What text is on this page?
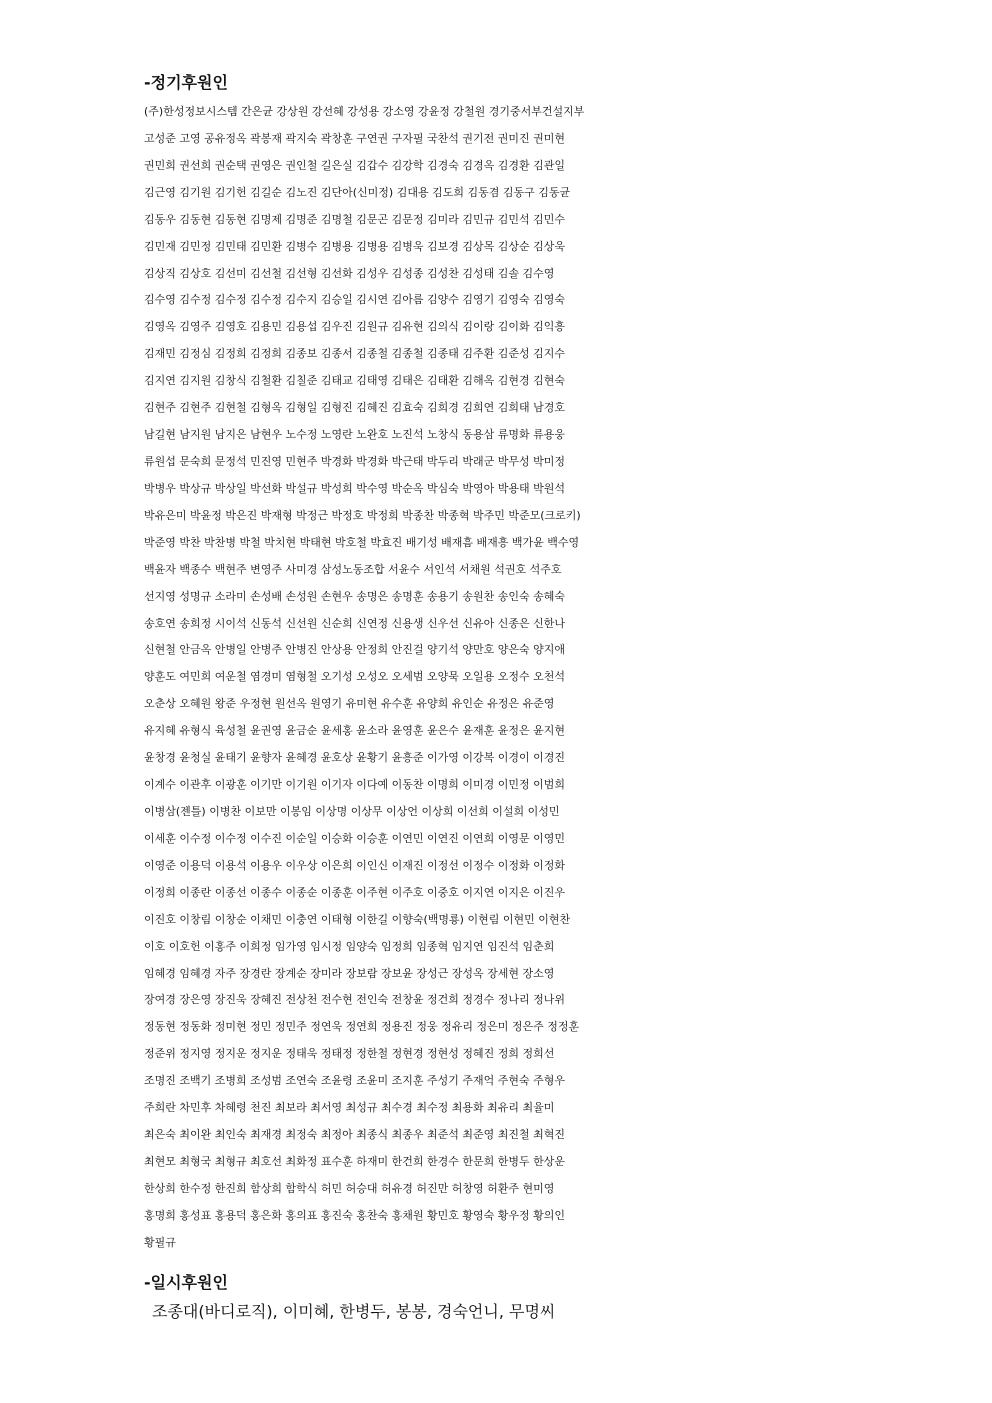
-정기후원인
(주)한성정보시스템 간은균 강상원 강선혜 강성용 강소영 강윤정 강철원 경기중서부건설지부
고성준 고영 공유정옥 곽봉재 곽지숙 곽창훈 구연권 구자필 국찬석 권기전 권미진 권미현
권민희 권선희 권순택 권영은 권인철 길은실 김갑수 김강학 김경숙 김경옥 김경환 김관일
김근영 김기원 김기헌 김길순 김노진 김단아(신미정) 김대용 김도희 김동겸 김동구 김동균
김동우 김동현 김동현 김명제 김명준 김명철 김문곤 김문정 김미라 김민규 김민석 김민수
김민재 김민정 김민태 김민환 김병수 김병용 김병용 김병욱 김보경 김상목 김상순 김상욱
김상직 김상호 김선미 김선철 김선형 김선화 김성우 김성종 김성찬 김성태 김솔 김수영
김수영 김수정 김수정 김수정 김수지 김승일 김시연 김아름 김양수 김영기 김영숙 김영숙
김영옥 김영주 김영호 김용민 김용섭 김우진 김원규 김유현 김의식 김이랑 김이화 김익흥
김재민 김정심 김정희 김정희 김종보 김종서 김종철 김종철 김종태 김주환 김준성 김지수
김지연 김지원 김창식 김철환 김칠준 김태교 김태영 김태은 김태환 김해옥 김현경 김현숙
김현주 김현주 김현철 김형옥 김형일 김형진 김혜진 김효숙 김희경 김희연 김희태 남경호
남길현 남지원 남지은 남현우 노수정 노영란 노완호 노진석 노창식 동용삼 류명화 류용웅
류원섭 문숙희 문정석 민진영 민현주 박경화 박경화 박근태 박두리 박래군 박무성 박미정
박병우 박상규 박상일 박선화 박설규 박성희 박수영 박순옥 박심숙 박영아 박용태 박원석
박유은미 박윤정 박은진 박재형 박정근 박정호 박정희 박종찬 박종혁 박주민 박준모(크로키)
박준영 박찬 박찬병 박철 박치현 박태현 박호철 박효진 배기성 배재흠 배재흥 백가윤 백수영
백윤자 백종수 백현주 변영주 사미경 삼성노동조합 서윤수 서인석 서채원 석권호 석주호
선지영 성명규 소라미 손성배 손성원 손현우 송명은 송명훈 송용기 송원찬 송인숙 송혜숙
송호연 송희정 시이석 신동석 신선원 신순희 신연정 신용생 신우선 신유아 신종은 신한나
신현철 안금옥 안병일 안병주 안병진 안상용 안정희 안진걸 양기석 양만호 양은숙 양지애
양훈도 여민희 여운철 염경미 염형철 오기성 오성오 오세범 오양묵 오일용 오정수 오천석
오춘상 오혜원 왕준 우정현 원선옥 원영기 유미현 유수훈 유양희 유인순 유정은 유준영
유지혜 유형식 육성철 윤권영 윤금순 윤세홍 윤소라 윤영훈 윤은수 윤재훈 윤정은 윤지현
윤창경 윤청실 윤태기 윤향자 윤혜경 윤호상 윤황기 윤흥준 이가영 이강복 이경이 이경진
이계수 이관후 이광훈 이기만 이기원 이기자 이다예 이동찬 이명희 이미경 이민정 이범희
이병삼(젠틀) 이병찬 이보만 이봉임 이상명 이상무 이상언 이상희 이선희 이설희 이성민
이세훈 이수정 이수정 이수진 이순일 이승화 이승훈 이연민 이연진 이연희 이영문 이영민
이영준 이용덕 이용석 이용우 이우상 이은희 이인신 이재진 이정선 이정수 이정화 이정화
이정희 이종란 이종선 이종수 이종순 이종훈 이주현 이주호 이중호 이지연 이지은 이진우
이진호 이창림 이창순 이채민 이충연 이태형 이한길 이향숙(백명룡) 이현림 이현민 이현찬
이호 이호헌 이홍주 이희정 임가영 임시정 임양숙 임정희 임종혁 임지연 임진석 임춘희
임혜경 임혜경 자주 장경란 장계순 장미라 장보람 장보윤 장성근 장성옥 장세현 장소영
장여경 장은영 장진욱 장혜진 전상천 전수현 전인숙 전창윤 정건희 정경수 정나리 정나위
정동현 정동화 정미현 정민 정민주 정연욱 정연희 정용진 정웅 정유리 정은미 정은주 정정훈
정준위 정지영 정지운 정지운 정태욱 정태정 정한철 정현경 정현성 정혜진 정희 정희선
조명진 조백기 조병희 조성범 조연숙 조윤령 조윤미 조지훈 주성기 주재억 주현숙 주형우
주희란 차민후 차혜령 천진 최보라 최서영 최성규 최수경 최수정 최용화 최유리 최율미
최은숙 최이완 최인숙 최재경 최정숙 최정아 최종식 최종우 최준석 최준영 최진철 최혁진
최현모 최형국 최형규 최호선 최화정 표수훈 하재미 한건희 한경수 한문희 한병두 한상운
한상희 한수정 한진희 함상희 함학식 허민 허승대 허유경 허진만 허창영 허환주 현미영
홍명희 홍성표 홍용덕 홍은화 홍의표 홍진숙 홍찬숙 홍채원 황민호 황영숙 황우정 황의인
황필규
-일시후원인
조종대(바디로직), 이미혜, 한병두, 봉봉, 경숙언니, 무명씨
